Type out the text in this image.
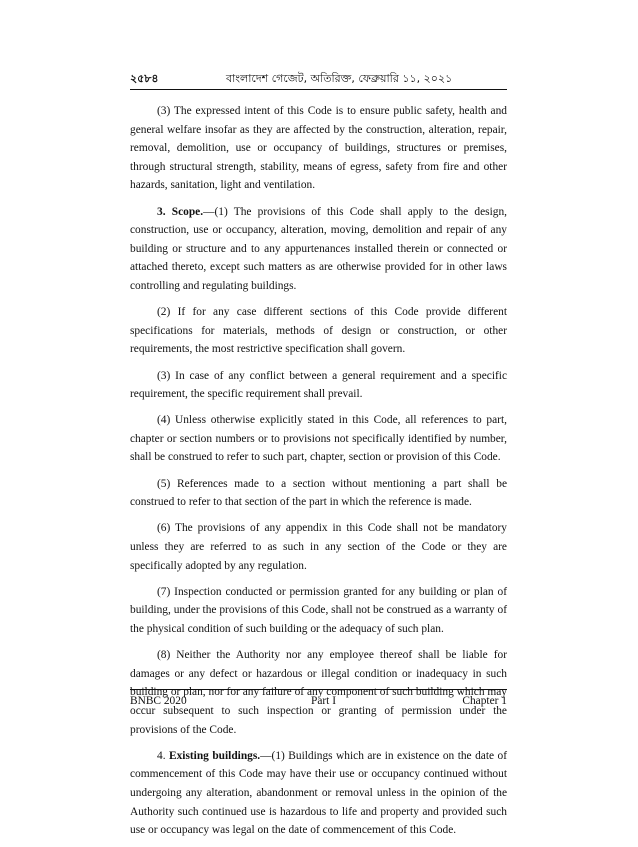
২৫৮৪	বাংলাদেশ গেজেট, অতিরিক্ত, ফেব্রুয়ারি ১১, ২০২১

(3) The expressed intent of this Code is to ensure public safety, health and general welfare insofar as they are affected by the construction, alteration, repair, removal, demolition, use or occupancy of buildings, structures or premises, through structural strength, stability, means of egress, safety from fire and other hazards, sanitation, light and ventilation.

3. Scope.—(1) The provisions of this Code shall apply to the design, construction, use or occupancy, alteration, moving, demolition and repair of any building or structure and to any appurtenances installed therein or connected or attached thereto, except such matters as are otherwise provided for in other laws controlling and regulating buildings.

(2) If for any case different sections of this Code provide different specifications for materials, methods of design or construction, or other requirements, the most restrictive specification shall govern.

(3) In case of any conflict between a general requirement and a specific requirement, the specific requirement shall prevail.

(4) Unless otherwise explicitly stated in this Code, all references to part, chapter or section numbers or to provisions not specifically identified by number, shall be construed to refer to such part, chapter, section or provision of this Code.

(5) References made to a section without mentioning a part shall be construed to refer to that section of the part in which the reference is made.

(6) The provisions of any appendix in this Code shall not be mandatory unless they are referred to as such in any section of the Code or they are specifically adopted by any regulation.

(7) Inspection conducted or permission granted for any building or plan of building, under the provisions of this Code, shall not be construed as a warranty of the physical condition of such building or the adequacy of such plan.

(8) Neither the Authority nor any employee thereof shall be liable for damages or any defect or hazardous or illegal condition or inadequacy in such building or plan, nor for any failure of any component of such building which may occur subsequent to such inspection or granting of permission under the provisions of the Code.

4. Existing buildings.—(1) Buildings which are in existence on the date of commencement of this Code may have their use or occupancy continued without undergoing any alteration, abandonment or removal unless in the opinion of the Authority such continued use is hazardous to life and property and provided such use or occupancy was legal on the date of commencement of this Code.

BNBC 2020	Part I	Chapter 1
